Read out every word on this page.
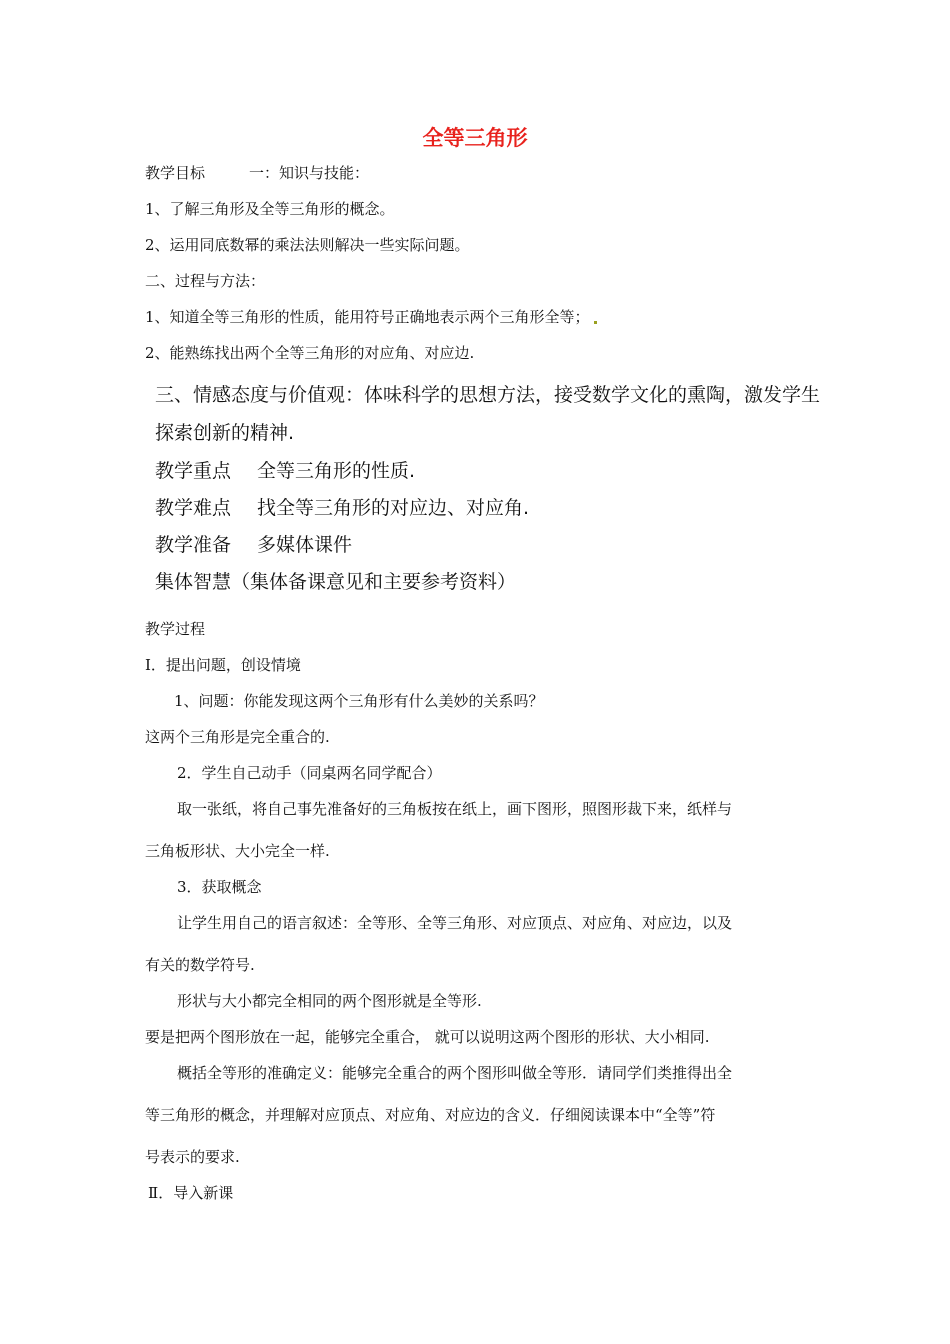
全等三角形
教学目标	一：知识与技能：
1、了解三角形及全等三角形的概念。
2、运用同底数幂的乘法法则解决一些实际问题。
二、过程与方法：
1、知道全等三角形的性质，能用符号正确地表示两个三角形全等；
2、能熟练找出两个全等三角形的对应角、对应边.
三、情感态度与价值观：体味科学的思想方法，接受数学文化的熏陶，激发学生
探索创新的精神.
教学重点 全等三角形的性质.
教学难点 找全等三角形的对应边、对应角.
教学准备 多媒体课件
集体智慧（集体备课意见和主要参考资料）
教学过程
Ⅰ．提出问题，创设情境
1、问题：你能发现这两个三角形有什么美妙的关系吗？
这两个三角形是完全重合的.
2．学生自己动手（同桌两名同学配合）
取一张纸，将自己事先准备好的三角板按在纸上，画下图形，照图形裁下来，纸样与
三角板形状、大小完全一样.
3．获取概念
让学生用自己的语言叙述：全等形、全等三角形、对应顶点、对应角、对应边，以及
有关的数学符号.
形状与大小都完全相同的两个图形就是全等形.
要是把两个图形放在一起，能够完全重合， 就可以说明这两个图形的形状、大小相同.
概括全等形的准确定义：能够完全重合的两个图形叫做全等形．请同学们类推得出全
等三角形的概念，并理解对应顶点、对应角、对应边的含义．仔细阅读课本中“全等”符
号表示的要求.
Ⅱ．导入新课
